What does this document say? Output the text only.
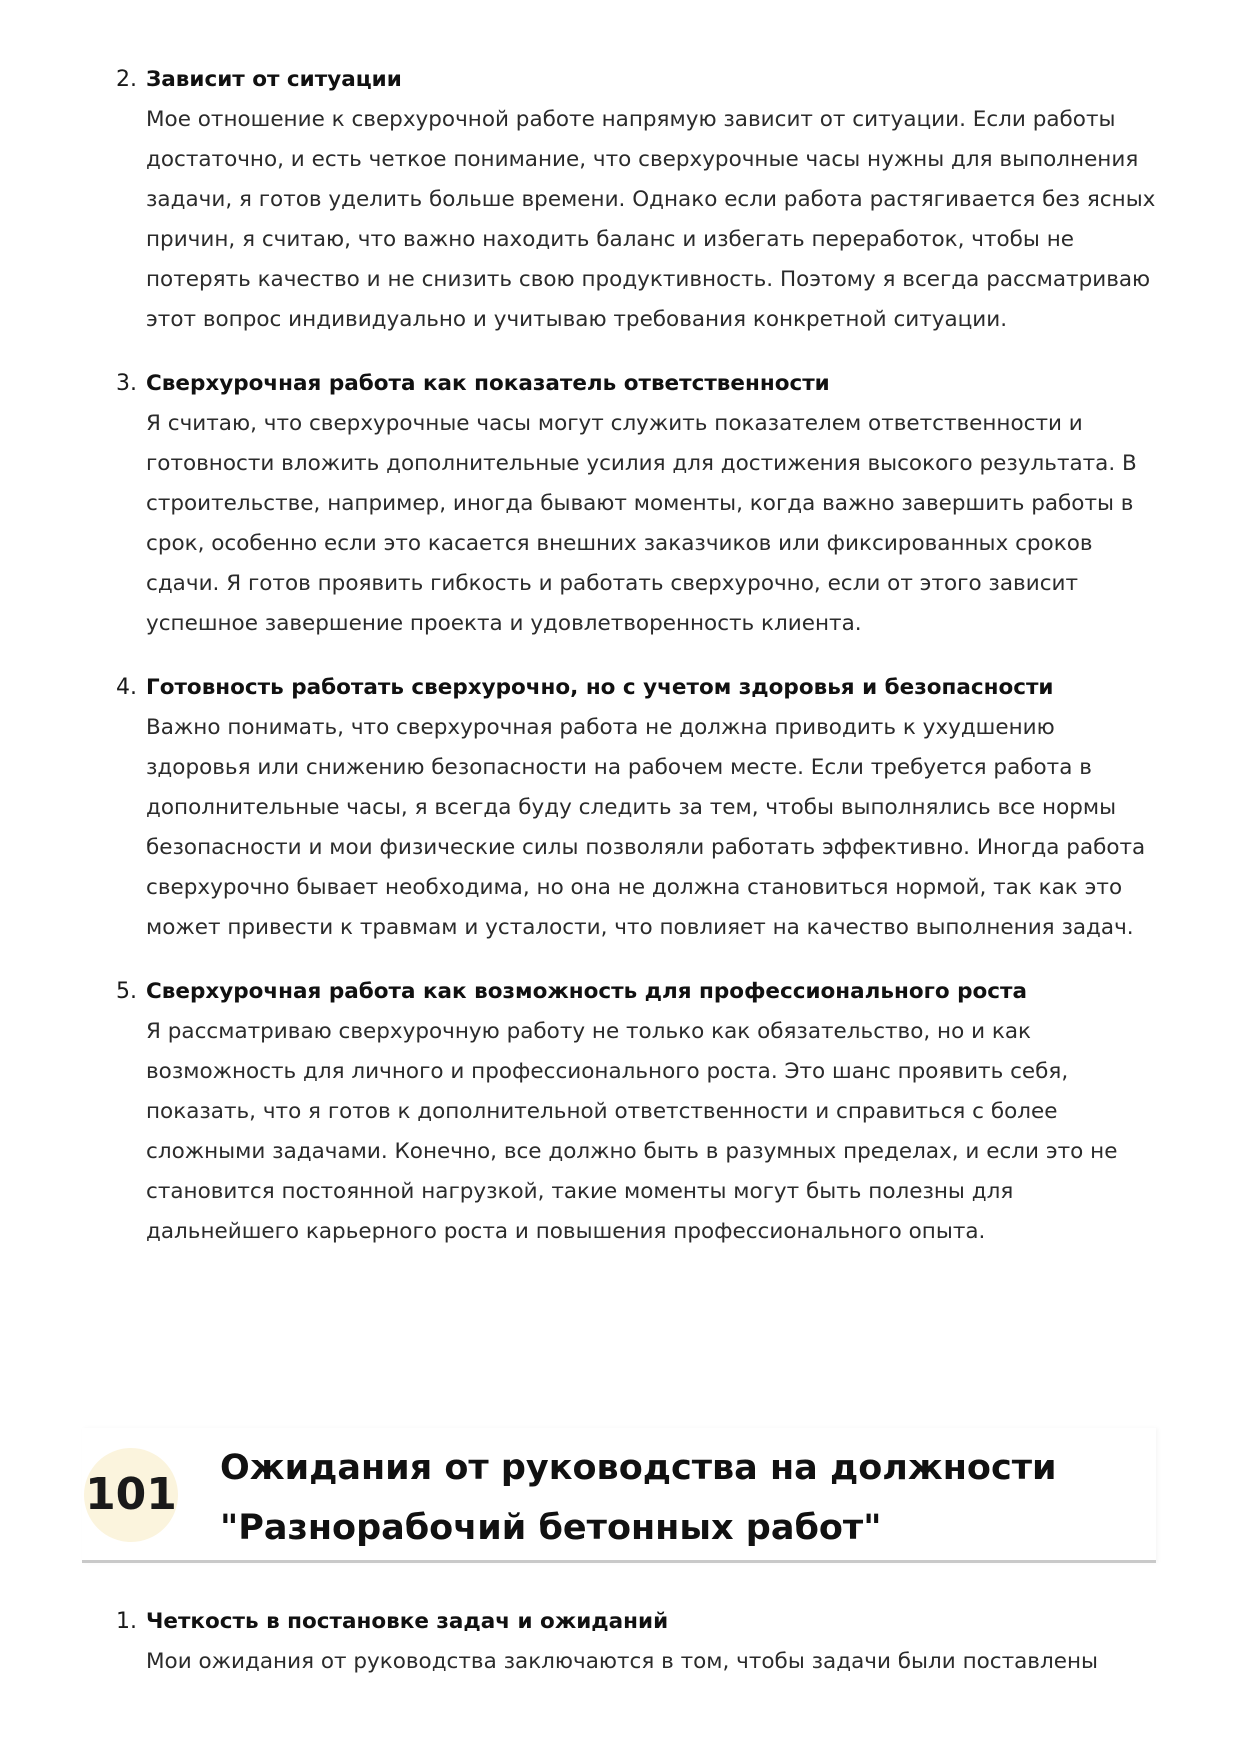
2. Зависит от ситуации

Мое отношение к сверхурочной работе напрямую зависит от ситуации. Если работы достаточно, и есть четкое понимание, что сверхурочные часы нужны для выполнения задачи, я готов уделить больше времени. Однако если работа растягивается без ясных причин, я считаю, что важно находить баланс и избегать переработок, чтобы не потерять качество и не снизить свою продуктивность. Поэтому я всегда рассматриваю этот вопрос индивидуально и учитываю требования конкретной ситуации.

3. Сверхурочная работа как показатель ответственности

Я считаю, что сверхурочные часы могут служить показателем ответственности и готовности вложить дополнительные усилия для достижения высокого результата. В строительстве, например, иногда бывают моменты, когда важно завершить работы в срок, особенно если это касается внешних заказчиков или фиксированных сроков сдачи. Я готов проявить гибкость и работать сверхурочно, если от этого зависит успешное завершение проекта и удовлетворенность клиента.

4. Готовность работать сверхурочно, но с учетом здоровья и безопасности

Важно понимать, что сверхурочная работа не должна приводить к ухудшению здоровья или снижению безопасности на рабочем месте. Если требуется работа в дополнительные часы, я всегда буду следить за тем, чтобы выполнялись все нормы безопасности и мои физические силы позволяли работать эффективно. Иногда работа сверхурочно бывает необходима, но она не должна становиться нормой, так как это может привести к травмам и усталости, что повлияет на качество выполнения задач.

5. Сверхурочная работа как возможность для профессионального роста

Я рассматриваю сверхурочную работу не только как обязательство, но и как возможность для личного и профессионального роста. Это шанс проявить себя, показать, что я готов к дополнительной ответственности и справиться с более сложными задачами. Конечно, все должно быть в разумных пределах, и если это не становится постоянной нагрузкой, такие моменты могут быть полезны для дальнейшего карьерного роста и повышения профессионального опыта.

101
Ожидания от руководства на должности
"Разнорабочий бетонных работ"
1. Четкость в постановке задач и ожиданий

Мои ожидания от руководства заключаются в том, чтобы задачи были поставлены
